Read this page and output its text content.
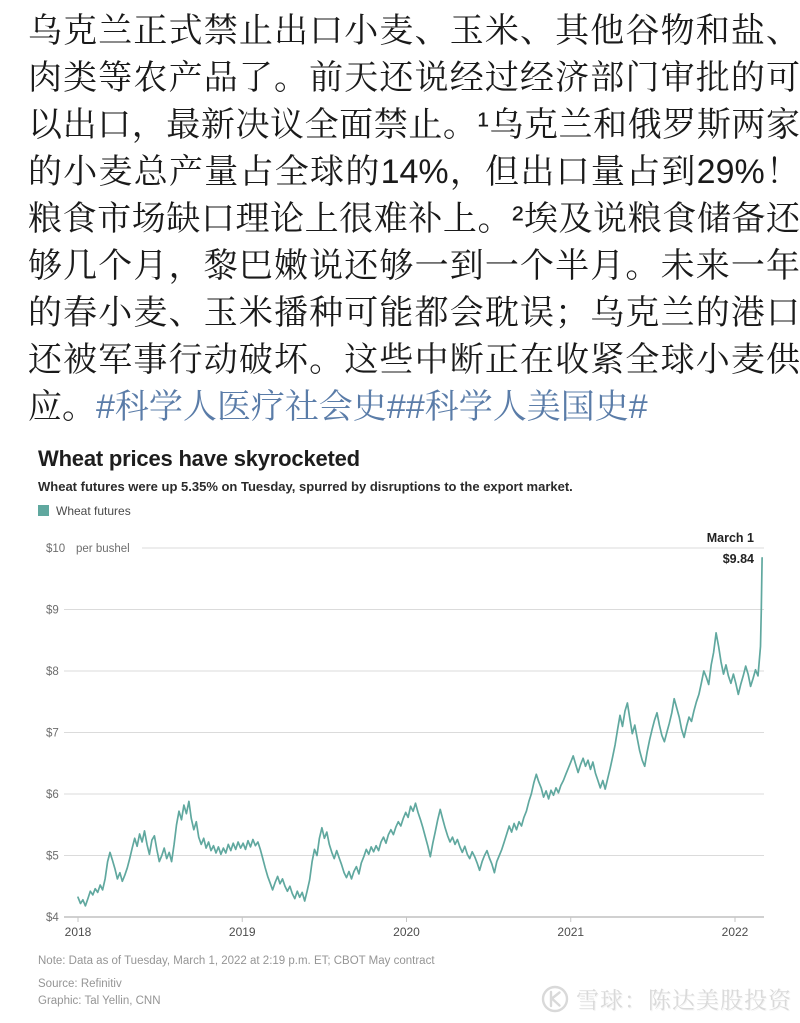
乌克兰正式禁止出口小麦、玉米、其他谷物和盐、肉类等农产品了。前天还说经过经济部门审批的可以出口，最新决议全面禁止。¹乌克兰和俄罗斯两家的小麦总产量占全球的14%，但出口量占到29%！粮食市场缺口理论上很难补上。²埃及说粮食储备还够几个月，黎巴嫩说还够一到一个半月。未来一年的春小麦、玉米播种可能都会耽误；乌克兰的港口还被军事行动破坏。这些中断正在收紧全球小麦供应。#科学人医疗社会史##科学人美国史#
Wheat prices have skyrocketed

Wheat futures were up 5.35% on Tuesday, spurred by disruptions to the export market.

Wheat futures
$10
$9
$8
$7
$6
$5
$4
per bushel
2018	2019	2020	2021	2022
March 1
$9.84

Note: Data as of Tuesday, March 1, 2022 at 2:19 p.m. ET; CBOT May contract

Source: Refinitiv

Graphic: Tal Yellin, CNN	雪球：陈达美股投资
